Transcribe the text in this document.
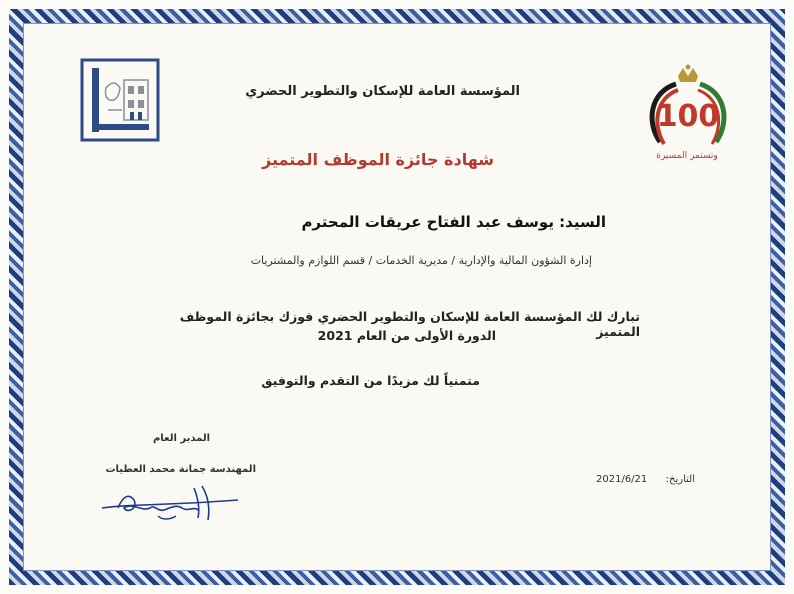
100
وتستمر المسيرة
المؤسسة العامة للإسكان والتطوير الحضري
شهادة جائزة الموظف المتميز
السيد: يوسف عبد الفتاح عريقات المحترم
إدارة الشؤون المالية والإدارية / مديرية الخدمات / قسم اللوازم والمشتريات
تبارك لك المؤسسة العامة للإسكان والتطوير الحضري فوزك بجائزة الموظف المتميز
الدورة الأولى من العام 2021
متمنياً لك مزيدًا من التقدم والتوفيق
المدير العام
المهندسة جمانة محمد العطيات
التاريخ:
2021/6/21
